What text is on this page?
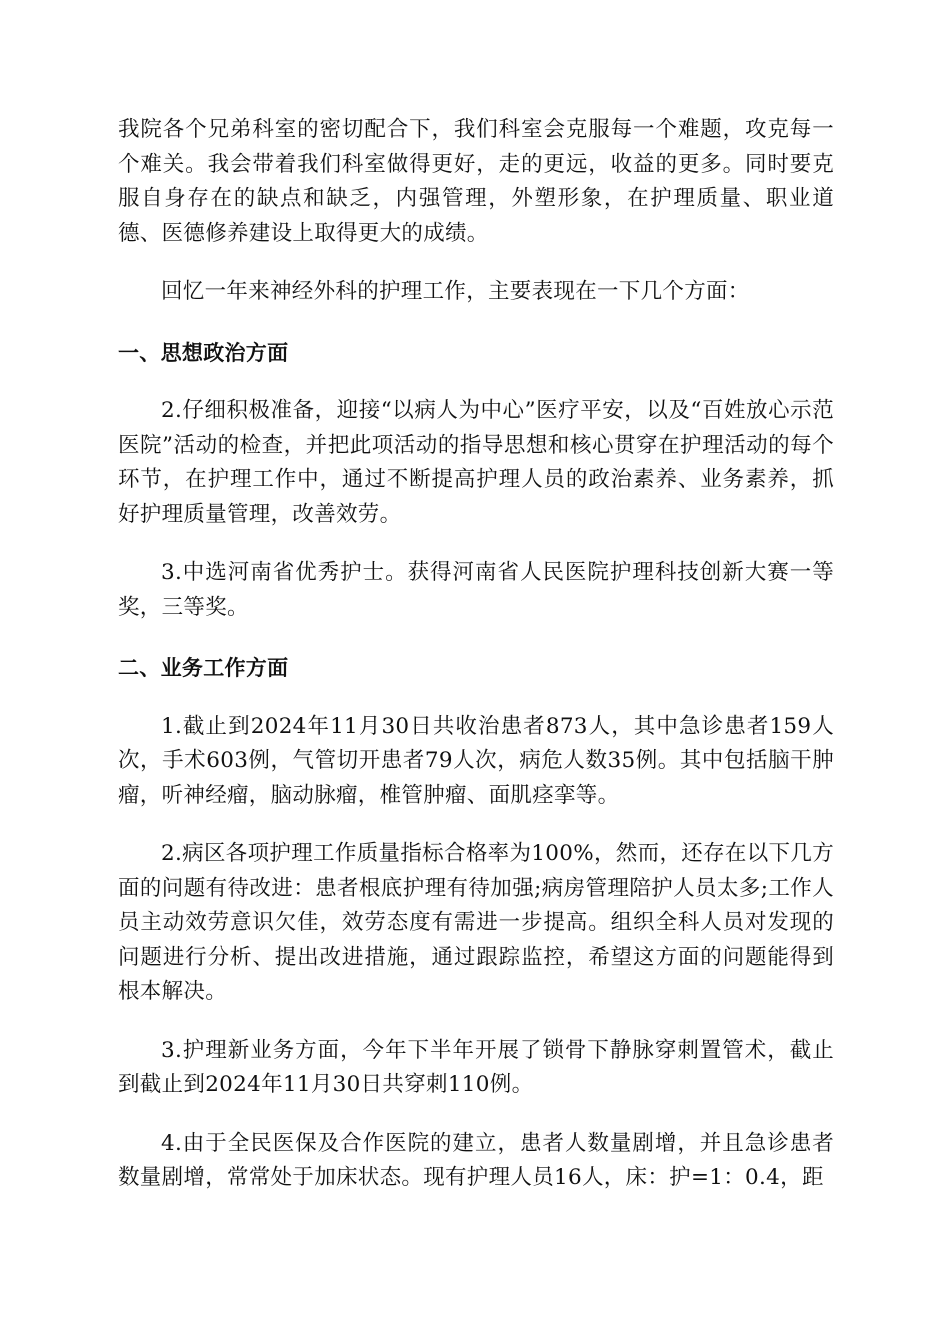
我院各个兄弟科室的密切配合下，我们科室会克服每一个难题，攻克每一个难关。我会带着我们科室做得更好，走的更远，收益的更多。同时要克服自身存在的缺点和缺乏，内强管理，外塑形象，在护理质量、职业道德、医德修养建设上取得更大的成绩。

回忆一年来神经外科的护理工作，主要表现在一下几个方面：

一、思想政治方面

2.仔细积极准备，迎接“以病人为中心”医疗平安，以及“百姓放心示范医院”活动的检查，并把此项活动的指导思想和核心贯穿在护理活动的每个环节，在护理工作中，通过不断提高护理人员的政治素养、业务素养，抓好护理质量管理，改善效劳。

3.中选河南省优秀护士。获得河南省人民医院护理科技创新大赛一等奖，三等奖。

二、业务工作方面

1.截止到2024年11月30日共收治患者873人，其中急诊患者159人次，手术603例，气管切开患者79人次，病危人数35例。其中包括脑干肿瘤，听神经瘤，脑动脉瘤，椎管肿瘤、面肌痉挛等。

2.病区各项护理工作质量指标合格率为100%，然而，还存在以下几方面的问题有待改进：患者根底护理有待加强;病房管理陪护人员太多;工作人员主动效劳意识欠佳，效劳态度有需进一步提高。组织全科人员对发现的问题进行分析、提出改进措施，通过跟踪监控，希望这方面的问题能得到根本解决。

3.护理新业务方面，今年下半年开展了锁骨下静脉穿刺置管术，截止到截止到2024年11月30日共穿刺110例。

4.由于全民医保及合作医院的建立，患者人数量剧增，并且急诊患者数量剧增，常常处于加床状态。现有护理人员16人，床：护=1：0.4，距
